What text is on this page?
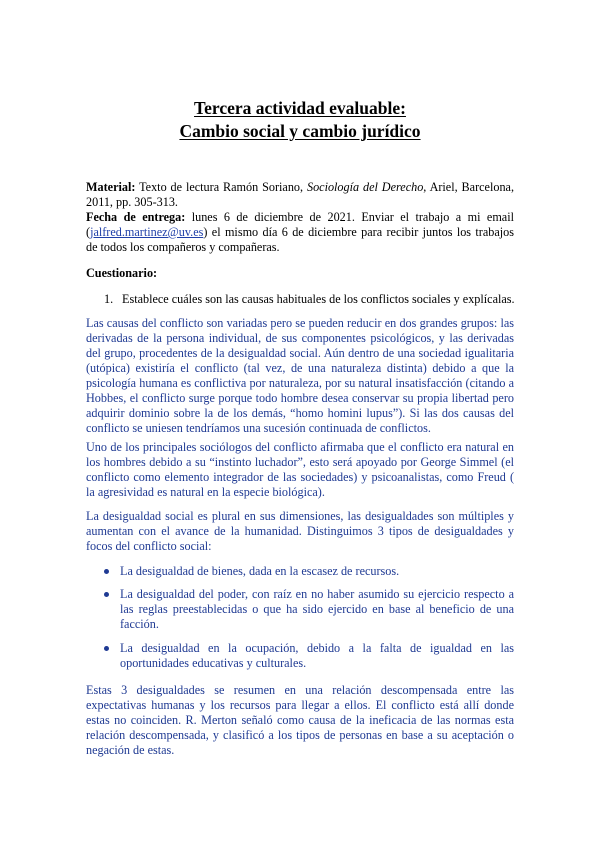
Tercera actividad evaluable:
Cambio social y cambio jurídico

Material: Texto de lectura Ramón Soriano, Sociología del Derecho, Ariel, Barcelona, 2011, pp. 305-313.

Fecha de entrega: lunes 6 de diciembre de 2021. Enviar el trabajo a mi email (jalfred.martinez@uv.es) el mismo día 6 de diciembre para recibir juntos los trabajos de todos los compañeros y compañeras.

Cuestionario:
1. Establece cuáles son las causas habituales de los conflictos sociales y explícalas.
Las causas del conflicto son variadas pero se pueden reducir en dos grandes grupos: las derivadas de la persona individual, de sus componentes psicológicos, y las derivadas del grupo, procedentes de la desigualdad social. Aún dentro de una sociedad igualitaria (utópica) existiría el conflicto (tal vez, de una naturaleza distinta) debido a que la psicología humana es conflictiva por naturaleza, por su natural insatisfacción (citando a Hobbes, el conflicto surge porque todo hombre desea conservar su propia libertad pero adquirir dominio sobre la de los demás, “homo homini lupus”). Si las dos causas del conflicto se uniesen tendríamos una sucesión continuada de conflictos.
Uno de los principales sociólogos del conflicto afirmaba que el conflicto era natural en los hombres debido a su “instinto luchador”, esto será apoyado por George Simmel (el conflicto como elemento integrador de las sociedades) y psicoanalistas, como Freud ( la agresividad es natural en la especie biológica).
La desigualdad social es plural en sus dimensiones, las desigualdades son múltiples y aumentan con el avance de la humanidad. Distinguimos 3 tipos de desigualdades y focos del conflicto social:
La desigualdad de bienes, dada en la escasez de recursos.
La desigualdad del poder, con raíz en no haber asumido su ejercicio respecto a las reglas preestablecidas o que ha sido ejercido en base al beneficio de una facción.
La desigualdad en la ocupación, debido a la falta de igualdad en las oportunidades educativas y culturales.
Estas 3 desigualdades se resumen en una relación descompensada entre las expectativas humanas y los recursos para llegar a ellos. El conflicto está allí donde estas no coinciden. R. Merton señaló como causa de la ineficacia de las normas esta relación descompensada, y clasificó a los tipos de personas en base a su aceptación o negación de estas.
